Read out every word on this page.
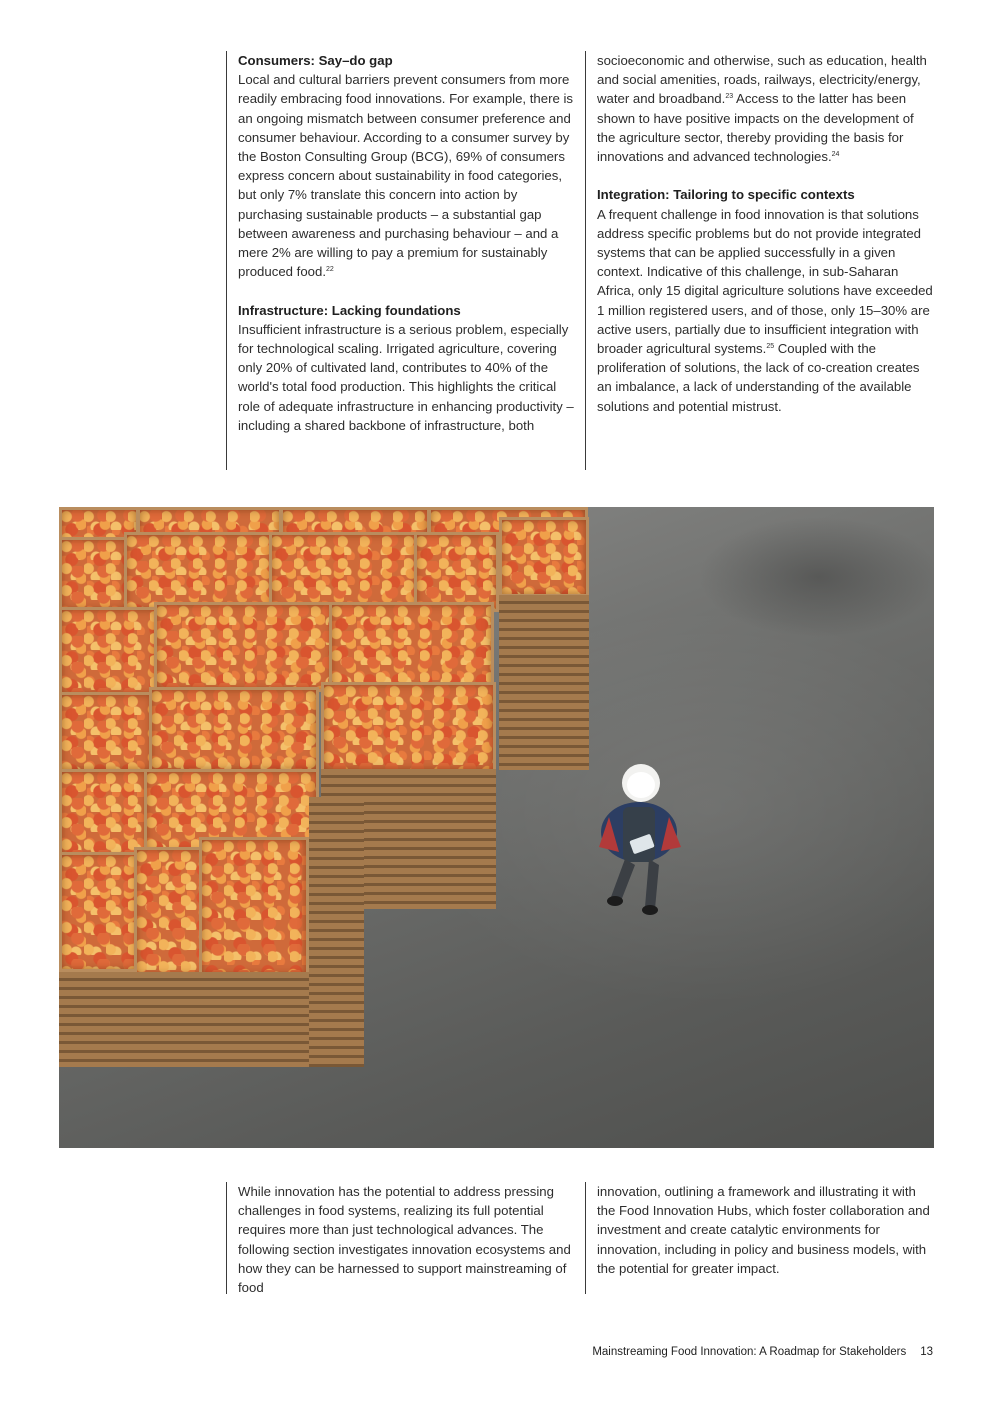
Consumers: Say–do gap

Local and cultural barriers prevent consumers from more readily embracing food innovations. For example, there is an ongoing mismatch between consumer preference and consumer behaviour. According to a consumer survey by the Boston Consulting Group (BCG), 69% of consumers express concern about sustainability in food categories, but only 7% translate this concern into action by purchasing sustainable products – a substantial gap between awareness and purchasing behaviour – and a mere 2% are willing to pay a premium for sustainably produced food.$^{22}$

Infrastructure: Lacking foundations

Insufficient infrastructure is a serious problem, especially for technological scaling. Irrigated agriculture, covering only 20% of cultivated land, contributes to 40% of the world's total food production. This highlights the critical role of adequate infrastructure in enhancing productivity – including a shared backbone of infrastructure, both

socioeconomic and otherwise, such as education, health and social amenities, roads, railways, electricity/energy, water and broadband.$^{23}$ Access to the latter has been shown to have positive impacts on the development of the agriculture sector, thereby providing the basis for innovations and advanced technologies.$^{24}$

Integration: Tailoring to specific contexts

A frequent challenge in food innovation is that solutions address specific problems but do not provide integrated systems that can be applied successfully in a given context. Indicative of this challenge, in sub-Saharan Africa, only 15 digital agriculture solutions have exceeded 1 million registered users, and of those, only 15–30% are active users, partially due to insufficient integration with broader agricultural systems.$^{25}$ Coupled with the proliferation of solutions, the lack of co-creation creates an imbalance, a lack of understanding of the available solutions and potential mistrust.

While innovation has the potential to address pressing challenges in food systems, realizing its full potential requires more than just technological advances. The following section investigates innovation ecosystems and how they can be harnessed to support mainstreaming of food

innovation, outlining a framework and illustrating it with the Food Innovation Hubs, which foster collaboration and investment and create catalytic environments for innovation, including in policy and business models, with the potential for greater impact.

Mainstreaming Food Innovation: A Roadmap for Stakeholders 13
